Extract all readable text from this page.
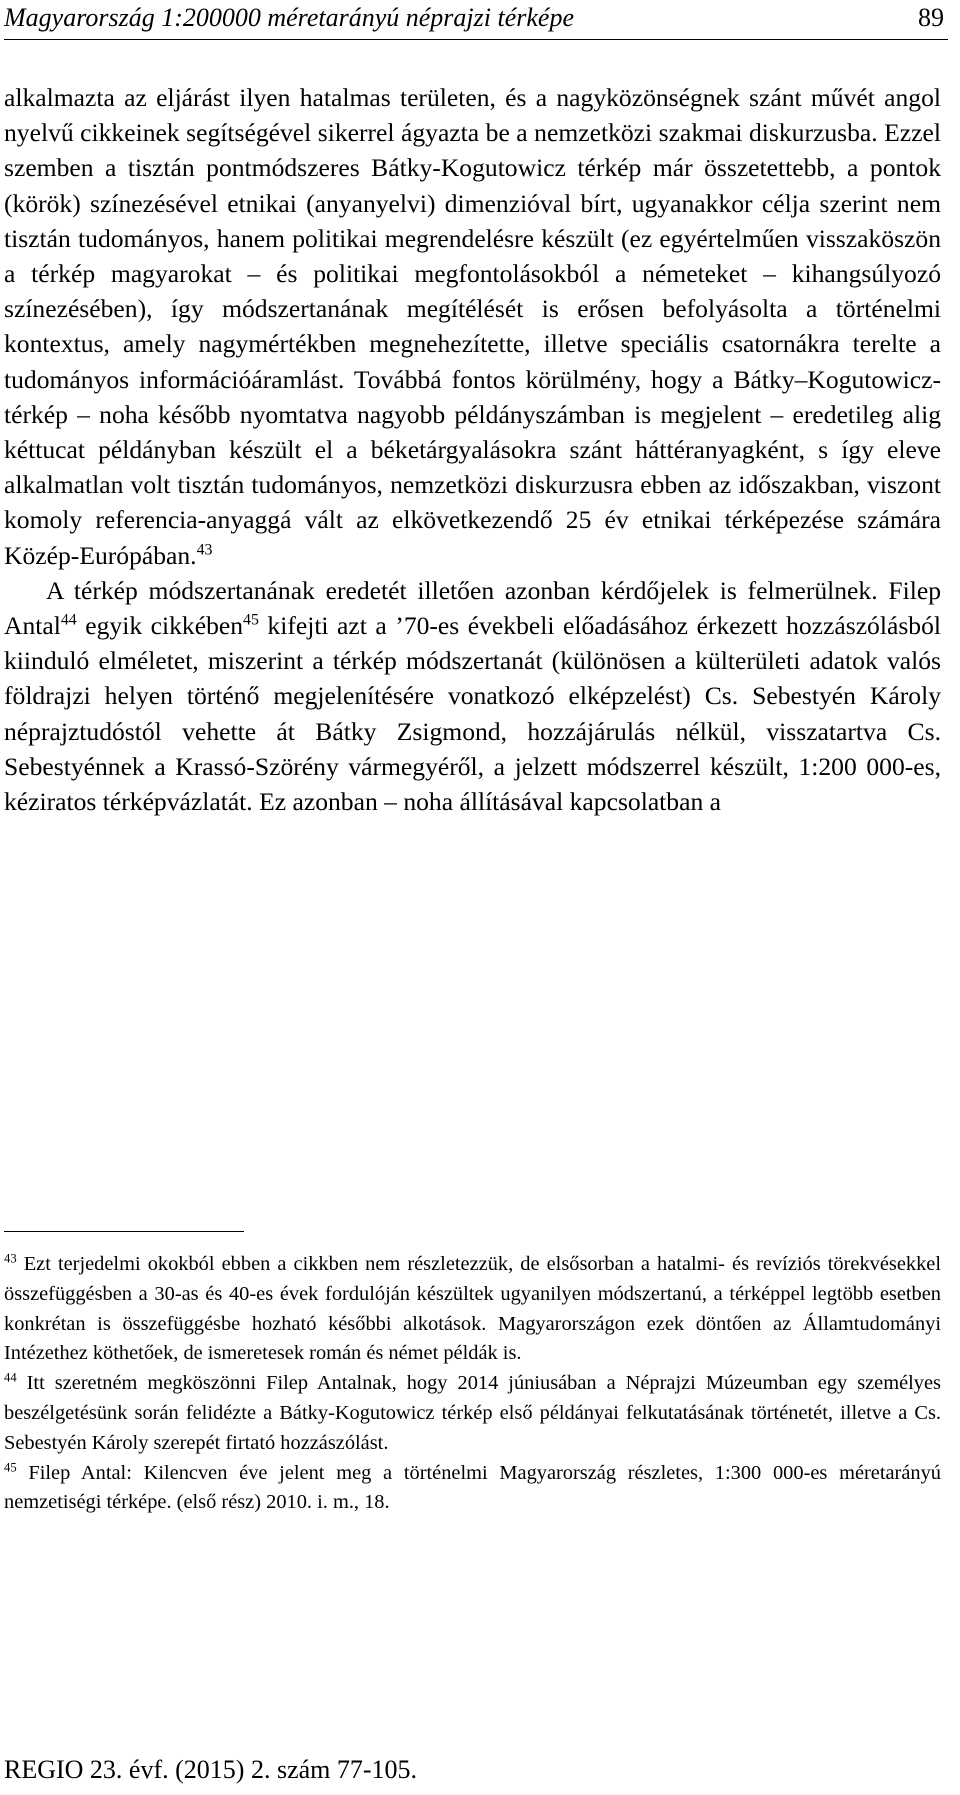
Magyarország 1:200000 méretarányú néprajzi térképe	89

alkalmazta az eljárást ilyen hatalmas területen, és a nagyközönségnek szánt művét angol nyelvű cikkeinek segítségével sikerrel ágyazta be a nemzetközi szakmai diskurzusba. Ezzel szemben a tisztán pontmódszeres Bátky-Kogutowicz térkép már összetettebb, a pontok (körök) színezésével etnikai (anyanyelvi) dimenzióval bírt, ugyanakkor célja szerint nem tisztán tudományos, hanem politikai megrendelésre készült (ez egyértelműen visszaköszön a térkép magyarokat – és politikai megfontolásokból a németeket – kihangsúlyozó színezésében), így módszertanának megítélését is erősen befolyásolta a történelmi kontextus, amely nagymértékben megnehezítette, illetve speciális csatornákra terelte a tudományos információáramlást. Továbbá fontos körülmény, hogy a Bátky–Kogutowicz-térkép – noha később nyomtatva nagyobb példányszámban is megjelent – eredetileg alig kéttucat példányban készült el a béketárgyalásokra szánt háttéranyagként, s így eleve alkalmatlan volt tisztán tudományos, nemzetközi diskurzusra ebben az időszakban, viszont komoly referencia-anyaggá vált az elkövetkezendő 25 év etnikai térképezése számára Közép-Európában.$^{43}$

A térkép módszertanának eredetét illetően azonban kérdőjelek is felmerülnek. Filep Antal$^{44}$ egyik cikkében$^{45}$ kifejti azt a ’70-es évekbeli előadásához érkezett hozzászólásból kiinduló elméletet, miszerint a térkép módszertanát (különösen a külterületi adatok valós földrajzi helyen történő megjelenítésére vonatkozó elképzelést) Cs. Sebestyén Károly néprajztudóstól vehette át Bátky Zsigmond, hozzájárulás nélkül, visszatartva Cs. Sebestyénnek a Krassó-Szörény vármegyéről, a jelzett módszerrel készült, 1:200 000-es, kéziratos térképvázlatát. Ez azonban – noha állításával kapcsolatban a

$^{43}$ Ezt terjedelmi okokból ebben a cikkben nem részletezzük, de elsősorban a hatalmi- és revíziós törekvésekkel összefüggésben a 30-as és 40-es évek fordulóján készültek ugyanilyen módszertanú, a térképpel legtöbb esetben konkrétan is összefüggésbe hozható későbbi alkotások. Magyarországon ezek döntően az Államtudományi Intézethez köthetőek, de ismeretesek román és német példák is.

$^{44}$ Itt szeretném megköszönni Filep Antalnak, hogy 2014 júniusában a Néprajzi Múzeumban egy személyes beszélgetésünk során felidézte a Bátky-Kogutowicz térkép első példányai felkutatásának történetét, illetve a Cs. Sebestyén Károly szerepét firtató hozzászólást.

$^{45}$ Filep Antal: Kilencven éve jelent meg a történelmi Magyarország részletes, 1:300 000-es méretarányú nemzetiségi térképe. (első rész) 2010. i. m., 18.

REGIO 23. évf. (2015) 2. szám 77-105.
